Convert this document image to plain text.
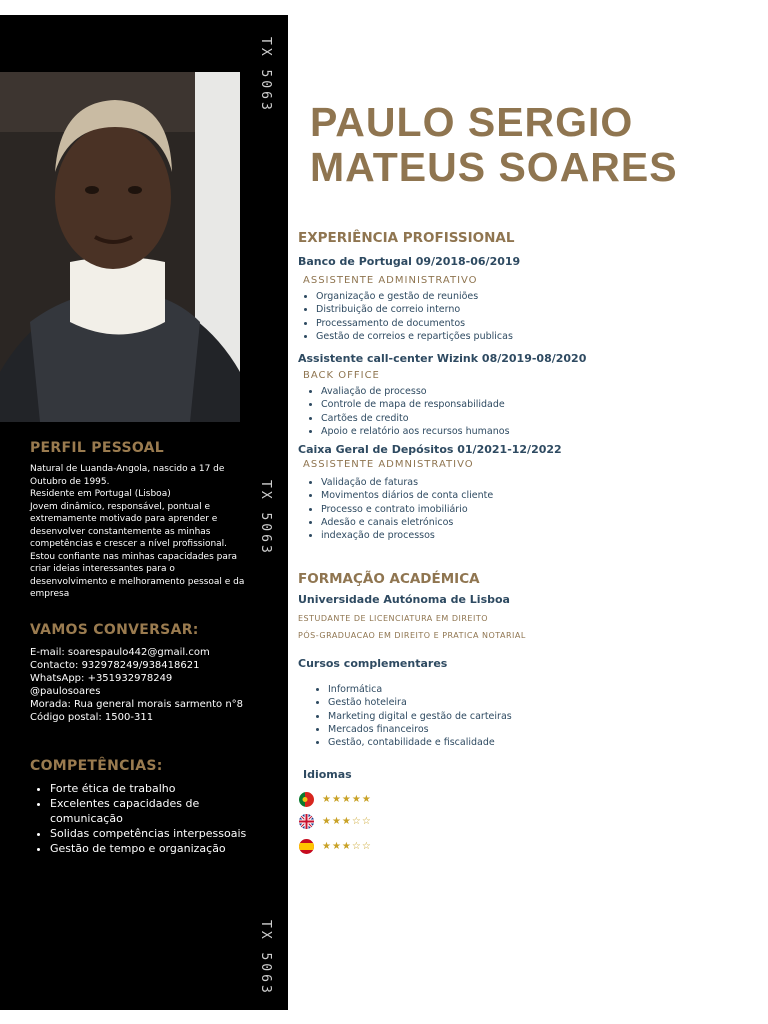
TX 5063
TX 5063
TX 5063
PERFIL PESSOAL
Natural de Luanda-Angola, nascido a 17 de Outubro de 1995.
Residente em Portugal (Lisboa)
Jovem dinâmico, responsável, pontual e extremamente motivado para aprender e desenvolver constantemente as minhas competências e crescer a nível profissional.
Estou confiante nas minhas capacidades para criar ideias interessantes para o desenvolvimento e melhoramento pessoal e da empresa
VAMOS CONVERSAR:
E-mail: soarespaulo442@gmail.com
Contacto: 932978249/938418621
WhatsApp: +351932978249
@paulosoares
Morada: Rua general morais sarmento n°8
Código postal: 1500-311
COMPETÊNCIAS:
• Forte ética de trabalho
• Excelentes capacidades de comunicação
• Solidas competências interpessoais
• Gestão de tempo e organização
PAULO SERGIO
MATEUS SOARES
EXPERIÊNCIA PROFISSIONAL
Banco de Portugal 09/2018-06/2019
ASSISTENTE ADMINISTRATIVO
• Organização e gestão de reuniões
• Distribuição de correio interno
• Processamento de documentos
• Gestão de correios e repartições publicas
Assistente call-center Wizink 08/2019-08/2020
BACK OFFICE
• Avaliação de processo
• Controle de mapa de responsabilidade
• Cartões de credito
• Apoio e relatório aos recursos humanos
Caixa Geral de Depósitos 01/2021-12/2022
ASSISTENTE ADMNISTRATIVO
• Validação de faturas
• Movimentos diários de conta cliente
• Processo e contrato imobiliário
• Adesão e canais eletrónicos
• indexação de processos
FORMAÇÃO ACADÉMICA
Universidade Autónoma de Lisboa
ESTUDANTE DE LICENCIATURA EM DIREITO
PÓS-GRADUACAO EM DIREITO E PRATICA NOTARIAL
Cursos complementares
• Informática
• Gestão hoteleira
• Marketing digital e gestão de carteiras
• Mercados financeiros
• Gestão, contabilidade e fiscalidade
Idiomas
★★★★★
★★★☆☆
★★★☆☆
